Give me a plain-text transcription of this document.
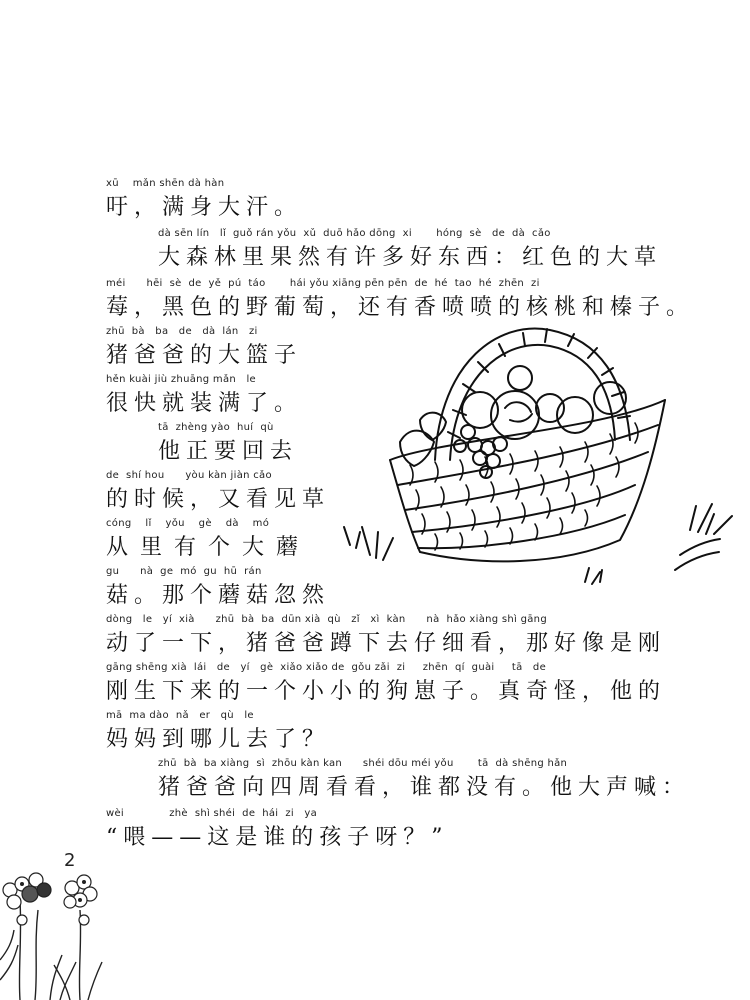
xū    mǎn shēn dà hàn
吁，满身大汗。
dà sēn lín   lǐ  guǒ rán yǒu  xǔ  duō hǎo dōng  xi       hóng  sè   de  dà  cǎo
大森林里果然有许多好东西：红色的大草
méi      hēi  sè  de  yě  pú  táo       hái yǒu xiāng pēn pēn  de  hé  tao  hé  zhēn  zi
莓，黑色的野葡萄，还有香喷喷的核桃和榛子。
zhū  bà   ba   de   dà  lán   zi
猪爸爸的大篮子
hěn kuài jiù zhuāng mǎn   le
很快就装满了。
tā  zhèng yào  huí  qù
他正要回去
de  shí hou      yòu kàn jiàn cǎo
的时候，又看见草
cóng    lǐ    yǒu    gè    dà    mó
从里有个大蘑
gu      nà  ge  mó  gu  hū  rán
菇。那个蘑菇忽然
dòng   le   yí  xià      zhū  bà  ba  dūn xià  qù   zǐ   xì  kàn      nà  hǎo xiàng shì gāng
动了一下，猪爸爸蹲下去仔细看，那好像是刚
gāng shēng xià  lái   de   yí   gè  xiǎo xiǎo de  gǒu zǎi  zi     zhēn  qí  guài     tā   de
刚生下来的一个小小的狗崽子。真奇怪，他的
mā  ma dào  nǎ   er   qù   le
妈妈到哪儿去了？
zhū  bà  ba xiàng  sì  zhōu kàn kan      shéi dōu méi yǒu       tā  dà shēng hǎn
猪爸爸向四周看看，谁都没有。他大声喊：
wèi             zhè  shì shéi  de  hái  zi   ya
“喂——这是谁的孩子呀？”
2
